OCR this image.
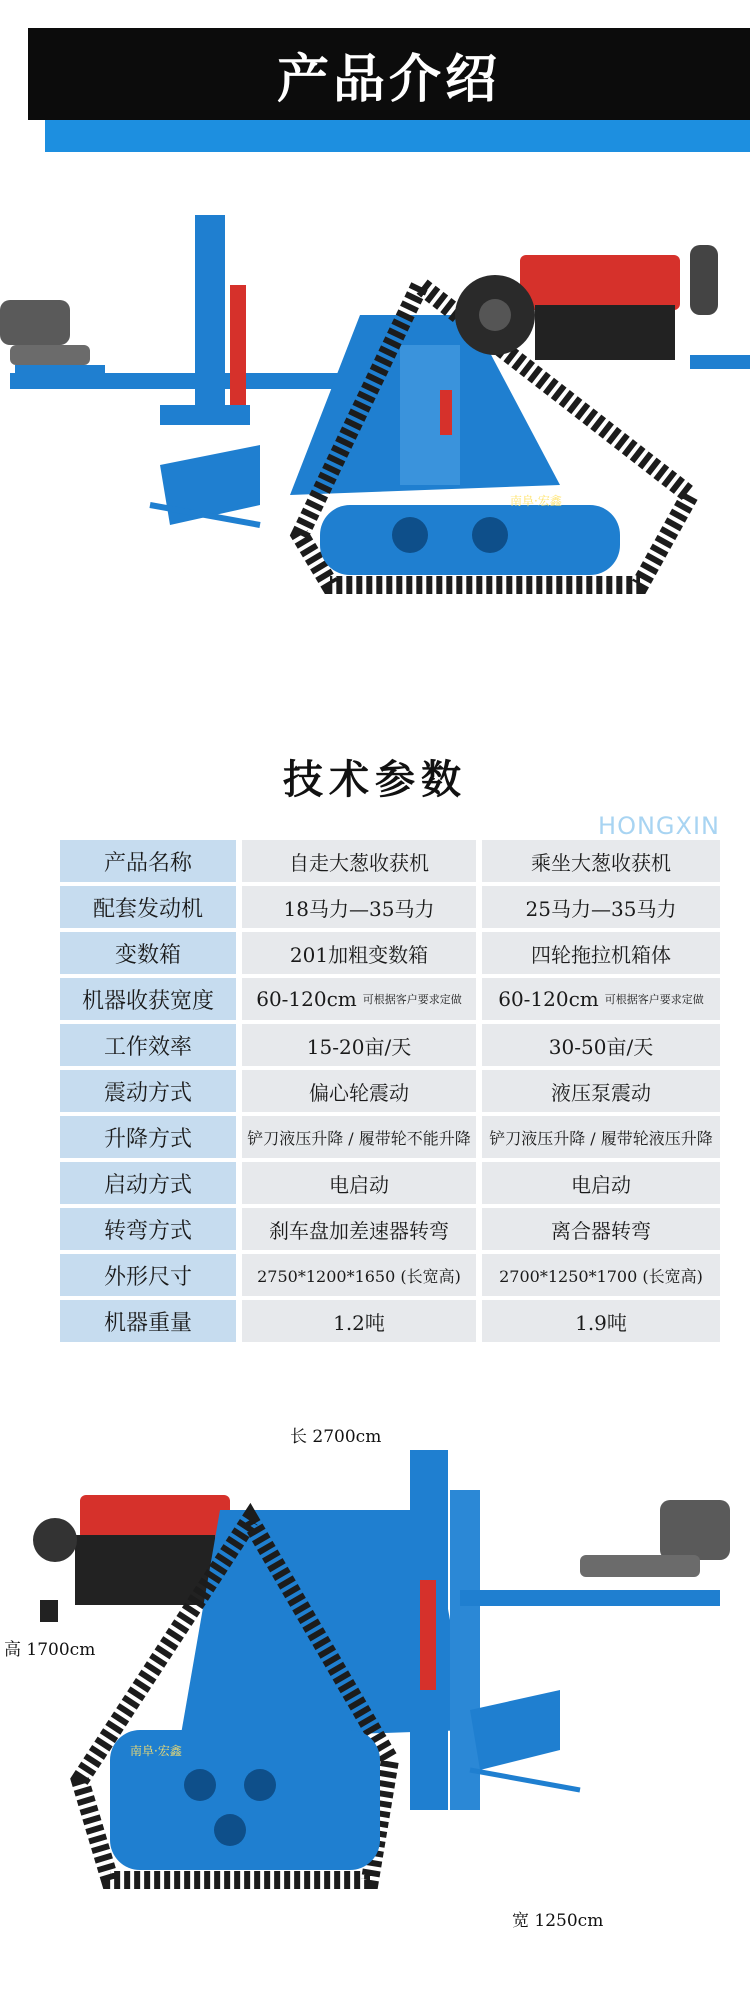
产品介绍
南阜·宏鑫
技术参数
HONGXIN
产品名称	自走大葱收获机	乘坐大葱收获机
配套发动机	18马力—35马力	25马力—35马力
变数箱	201加粗变数箱	四轮拖拉机箱体
机器收获宽度	60-120cm 可根据客户要求定做 60-120cm 可根据客户要求定做
工作效率	15-20亩/天	30-50亩/天
震动方式	偏心轮震动	液压泵震动
升降方式	铲刀液压升降 / 履带轮不能升降	铲刀液压升降 / 履带轮液压升降
启动方式	电启动	电启动
转弯方式	刹车盘加差速器转弯	离合器转弯
外形尺寸	2750*1200*1650 (长宽高)	2700*1250*1700 (长宽高)
机器重量	1.2吨	1.9吨
南阜·宏鑫
长 2700cm
高 1700cm
宽 1250cm
